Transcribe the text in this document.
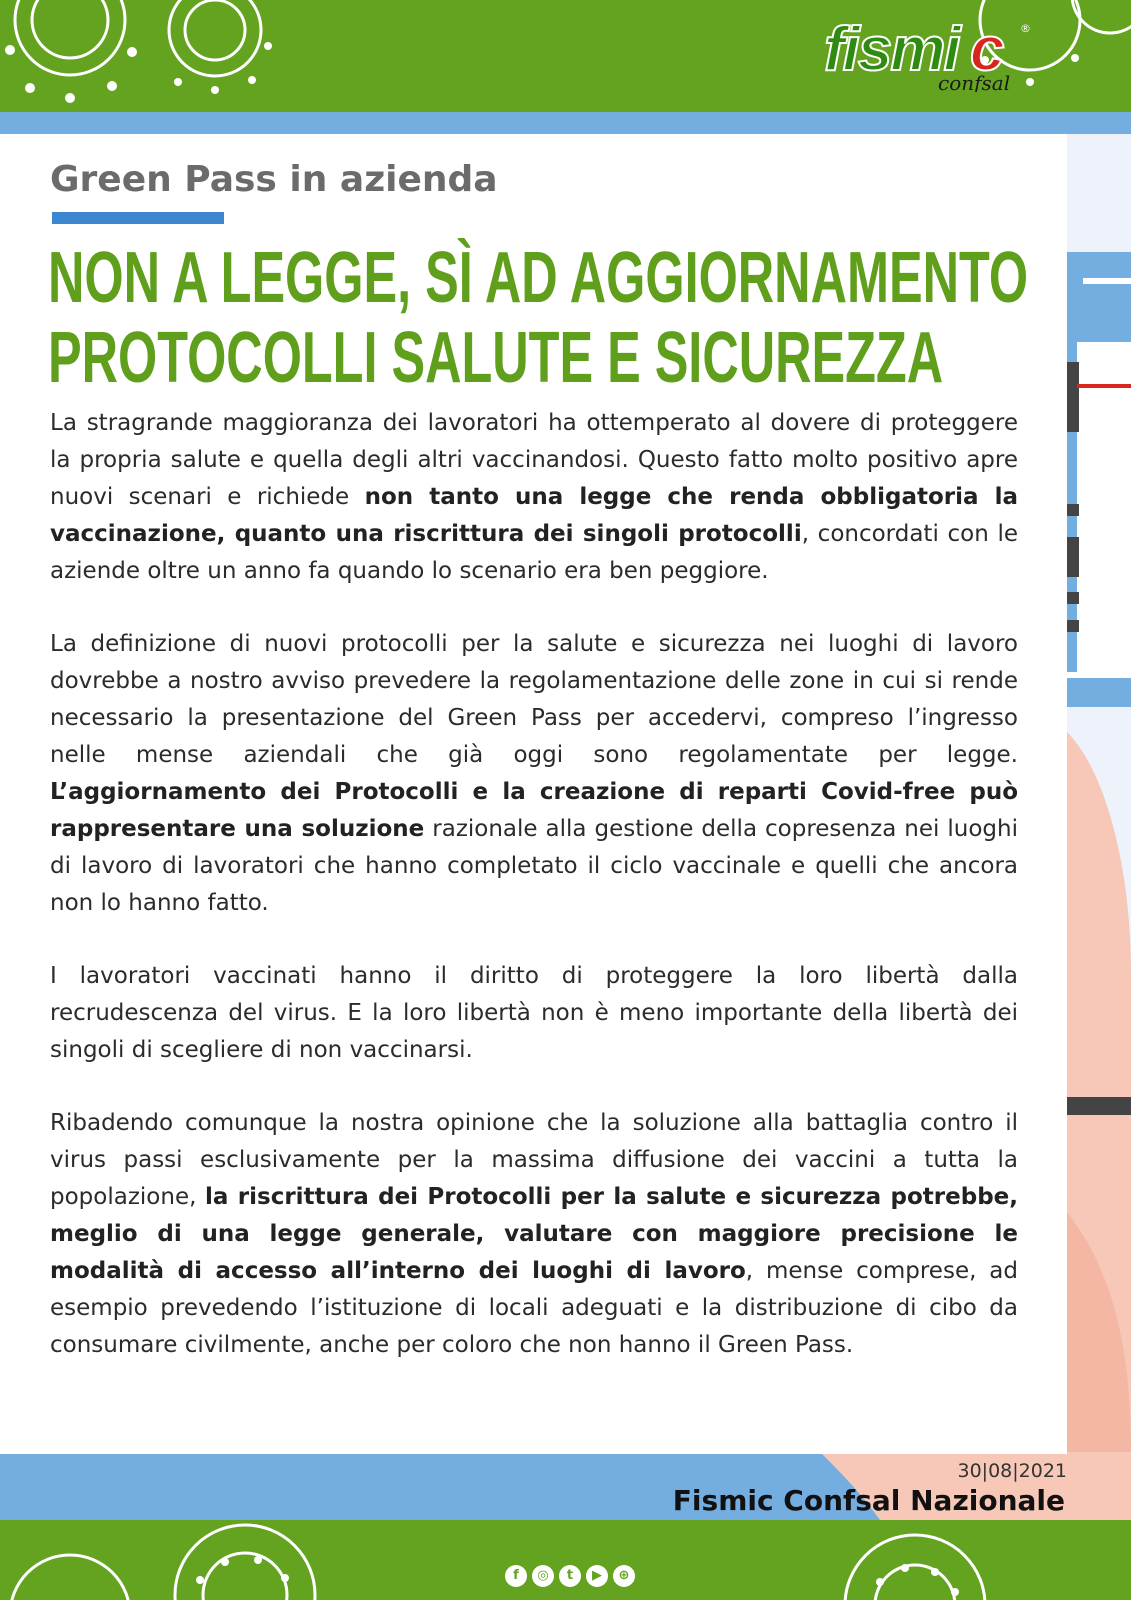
fismi c
confsal
®
Green Pass in azienda
NON A LEGGE, SÌ AD AGGIORNAMENTO
PROTOCOLLI SALUTE E SICUREZZA

La stragrande maggioranza dei lavoratori ha ottemperato al dovere di proteggere la propria salute e quella degli altri vaccinandosi. Questo fatto molto positivo apre nuovi scenari e richiede non tanto una legge che renda obbligatoria la vaccinazione, quanto una riscrittura dei singoli protocolli, concordati con le aziende oltre un anno fa quando lo scenario era ben peggiore.

La definizione di nuovi protocolli per la salute e sicurezza nei luoghi di lavoro dovrebbe a nostro avviso prevedere la regolamentazione delle zone in cui si rende necessario la presentazione del Green Pass per accedervi, compreso l’ingresso nelle mense aziendali che già oggi sono regolamentate per legge. L’aggiornamento dei Protocolli e la creazione di reparti Covid-free può rappresentare una soluzione razionale alla gestione della copresenza nei luoghi di lavoro di lavoratori che hanno completato il ciclo vaccinale e quelli che ancora non lo hanno fatto.

I lavoratori vaccinati hanno il diritto di proteggere la loro libertà dalla recrudescenza del virus. E la loro libertà non è meno importante della libertà dei singoli di scegliere di non vaccinarsi.

Ribadendo comunque la nostra opinione che la soluzione alla battaglia contro il virus passi esclusivamente per la massima diffusione dei vaccini a tutta la popolazione, la riscrittura dei Protocolli per la salute e sicurezza potrebbe, meglio di una legge generale, valutare con maggiore precisione le modalità di accesso all’interno dei luoghi di lavoro, mense comprese, ad esempio prevedendo l’istituzione di locali adeguati e la distribuzione di cibo da consumare civilmente, anche per coloro che non hanno il Green Pass.

30|08|2021
Fismic Confsal Nazionale
f	◎	t	▶	⊕
